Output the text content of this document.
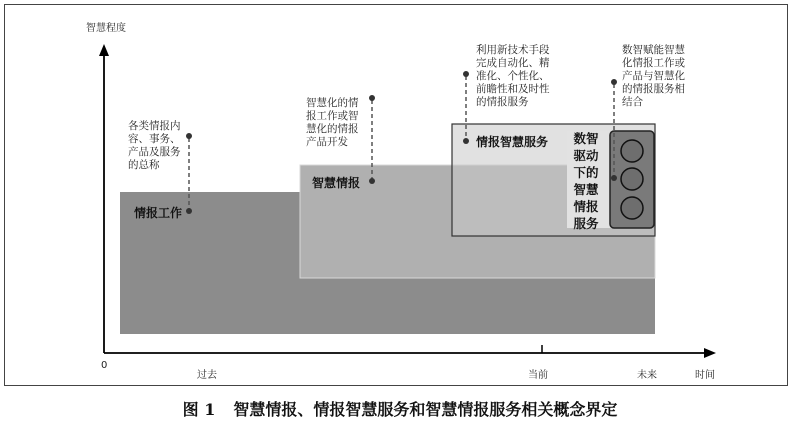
智慧程度
0
时间
过去	当前	未来
情报工作
智慧情报
情报智慧服务	数智驱动下的智慧情报服务
各类情报内
容、事务、
产品及服务
的总称
智慧化的情
报工作或智
慧化的情报
产品开发
利用新技术手段
完成自动化、精
准化、个性化、
前瞻性和及时性
的情报服务
数智赋能智慧
化情报工作或
产品与智慧化
的情报服务相
结合
图 1 智慧情报、情报智慧服务和智慧情报服务相关概念界定
